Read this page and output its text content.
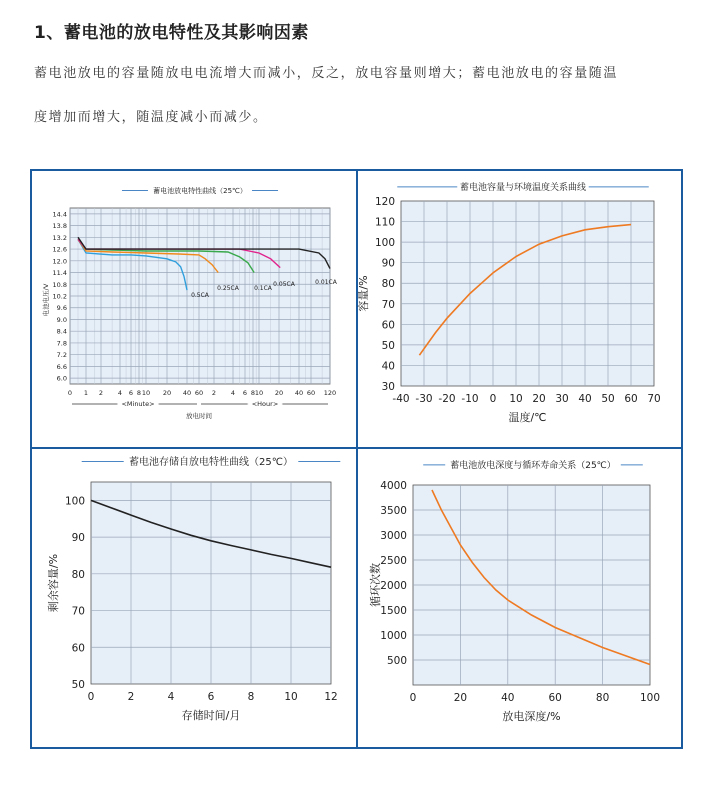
1、蓄电池的放电特性及其影响因素
蓄电池放电的容量随放电电流增大而减小，反之，放电容量则增大；蓄电池放电的容量随温
度增加而增大，随温度减小而减少。
蓄电池放电特性曲线（25℃）
0 1 2 4 6 8 10 20 40 60 2 4 6 8 10 20 40 60 120
14.4
13.8
13.2
12.6
12.0
11.4
10.8
10.2
9.6
9.0
8.4
7.8
7.2
6.6
6.0
0.5CA
0.25CA	0.1CA
0.05CA	0.01CA
<Minute>	<Hour>
放电时间
电池电压/V
蓄电池容量与环境温度关系曲线
-40 -30 -20 -10 0 10 20 30 40 50 60 70
30
40
50
60
70
80
90
100
110
120
温度/℃
容量/%
蓄电池存储自放电特性曲线（25℃）
0	2	4	6	8	10	12
50
60
70
80
90
100
存储时间/月
剩余容量/%
蓄电池放电深度与循环寿命关系（25℃）
0	20	40	60	80	100
500
1000
1500
2000
2500
3000
3500
4000
放电深度/%
循环次数
